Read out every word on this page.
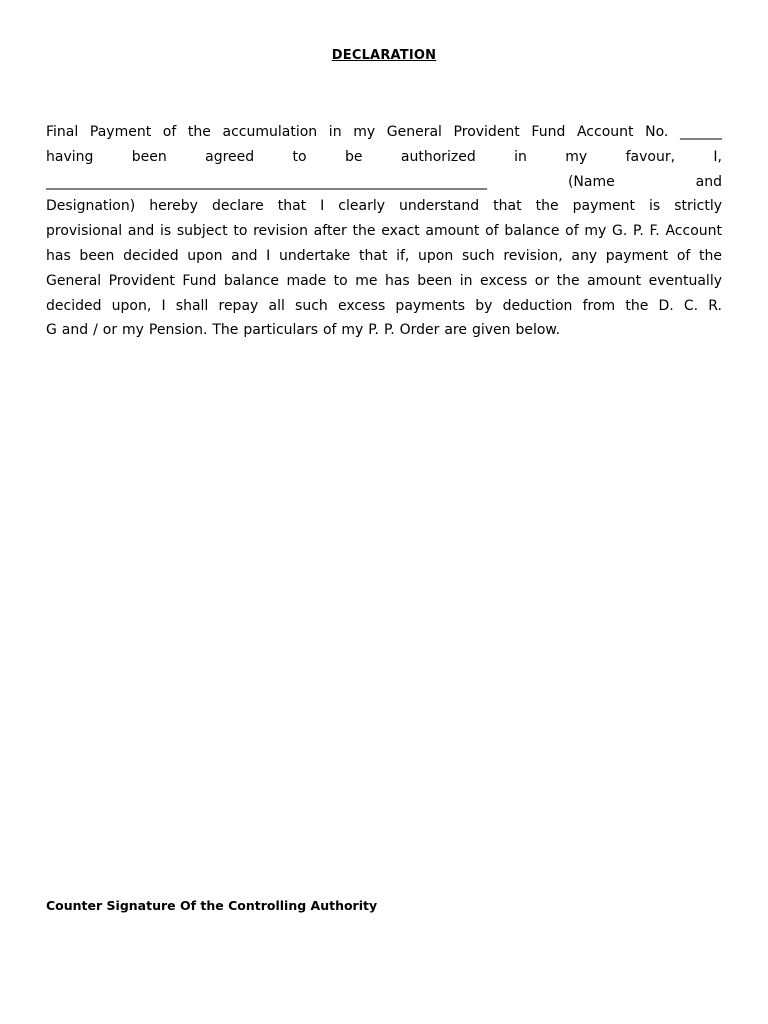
DECLARATION
Final Payment of the accumulation in my General Provident Fund Account No. ______
having been agreed to be authorized in my favour, I,
_______________________________________________________________ (Name and
Designation) hereby declare that I clearly understand that the payment is strictly
provisional and is subject to revision after the exact amount of balance of my G. P. F. Account
has been decided upon and I undertake that if, upon such revision, any payment of the
General Provident Fund balance made to me has been in excess or the amount eventually
decided upon, I shall repay all such excess payments by deduction from the D. C. R.
G and / or my Pension. The particulars of my P. P. Order are given below.
Counter Signature Of the Controlling Authority
